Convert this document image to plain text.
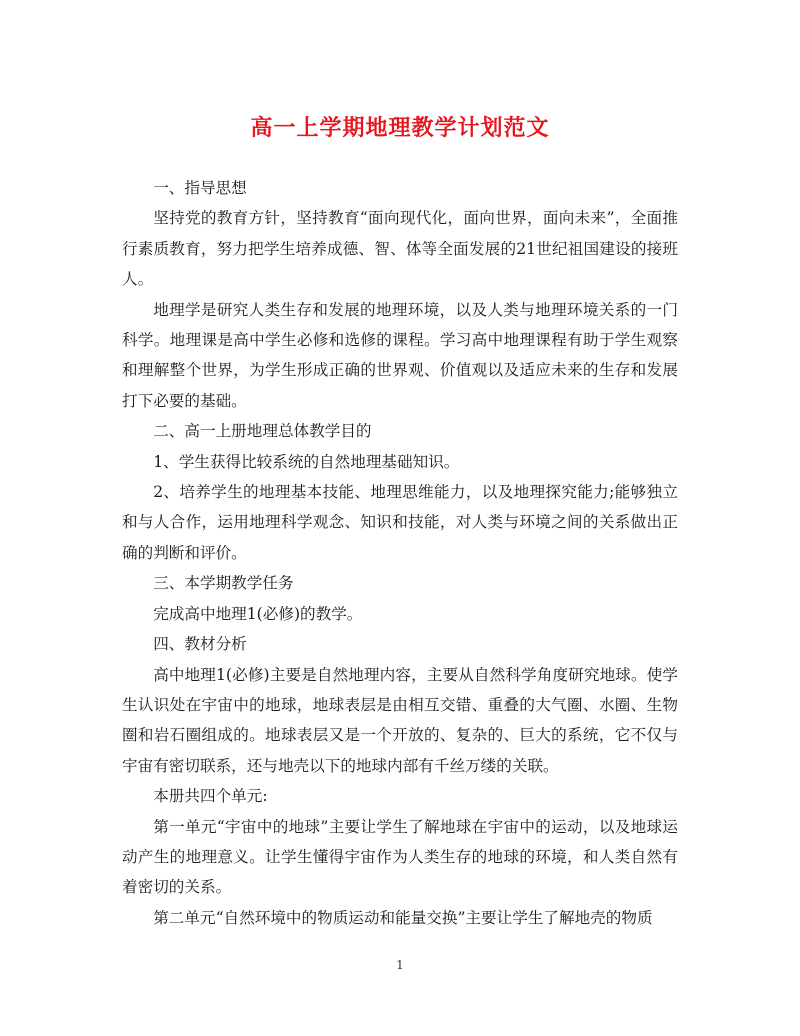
高一上学期地理教学计划范文

一、指导思想

坚持党的教育方针，坚持教育“面向现代化，面向世界，面向未来”，全面推行素质教育，努力把学生培养成德、智、体等全面发展的21世纪祖国建设的接班人。

地理学是研究人类生存和发展的地理环境，以及人类与地理环境关系的一门科学。地理课是高中学生必修和选修的课程。学习高中地理课程有助于学生观察和理解整个世界，为学生形成正确的世界观、价值观以及适应未来的生存和发展打下必要的基础。

二、高一上册地理总体教学目的

1、学生获得比较系统的自然地理基础知识。

2、培养学生的地理基本技能、地理思维能力，以及地理探究能力;能够独立和与人合作，运用地理科学观念、知识和技能，对人类与环境之间的关系做出正确的判断和评价。

三、本学期教学任务

完成高中地理1(必修)的教学。

四、教材分析

高中地理1(必修)主要是自然地理内容，主要从自然科学角度研究地球。使学生认识处在宇宙中的地球，地球表层是由相互交错、重叠的大气圈、水圈、生物圈和岩石圈组成的。地球表层又是一个开放的、复杂的、巨大的系统，它不仅与宇宙有密切联系，还与地壳以下的地球内部有千丝万缕的关联。

本册共四个单元:

第一单元“宇宙中的地球”主要让学生了解地球在宇宙中的运动，以及地球运动产生的地理意义。让学生懂得宇宙作为人类生存的地球的环境，和人类自然有着密切的关系。

第二单元“自然环境中的物质运动和能量交换”主要让学生了解地壳的物质

1
